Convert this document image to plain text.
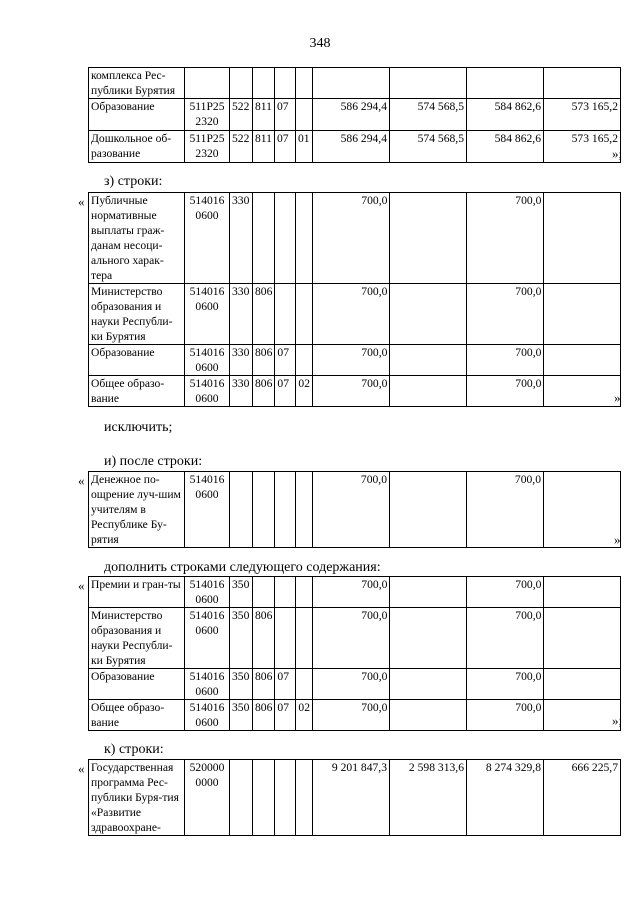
348
комплекса Рес-публики Бурятия									
Образование	511Р25 2320	522	811	07		586 294,4	574 568,5	584 862,6	573 165,2
Дошкольное об-разование	511Р25 2320	522	811	07	01	586 294,4	574 568,5	584 862,6	573 165,2
»;
з) строки:
« Публичные нормативные выплаты граж-данам несоци-ального харак-тера	514016 0600	330				700,0		700,0	
Министерство образования и науки Республи-ки Бурятия	514016 0600	330	806			700,0		700,0	
Образование	514016 0600	330	806	07		700,0		700,0	
Общее образо-вание	514016 0600	330	806	07	02	700,0		700,0	
»
исключить;
и) после строки:
« Денежное по-ощрение луч-шим учителям в Республике Бу-рятия	514016 0600					700,0		700,0	
»
дополнить строками следующего содержания:
« Премии и гран-ты	514016 0600	350				700,0		700,0	
Министерство образования и науки Республи-ки Бурятия	514016 0600	350	806			700,0		700,0	
Образование	514016 0600	350	806	07		700,0		700,0	
Общее образо-вание	514016 0600	350	806	07	02	700,0		700,0	
»;
к) строки:
« Государственная программа Рес-публики Буря-тия «Развитие здравоохране-	520000 0000					9 201 847,3	2 598 313,6	8 274 329,8	666 225,7
